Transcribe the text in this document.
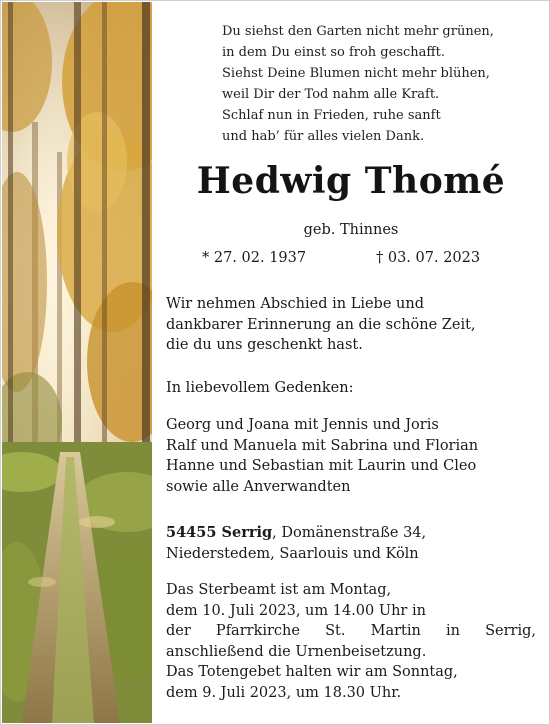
Du siehst den Garten nicht mehr grünen,
in dem Du einst so froh geschafft.
Siehst Deine Blumen nicht mehr blühen,
weil Dir der Tod nahm alle Kraft.
Schlaf nun in Frieden, ruhe sanft
und hab’ für alles vielen Dank.
Hedwig Thomé
geb. Thinnes
* 27. 02. 1937	† 03. 07. 2023
Wir nehmen Abschied in Liebe und
dankbarer Erinnerung an die schöne Zeit,
die du uns geschenkt hast.
In liebevollem Gedenken:
Georg und Joana mit Jennis und Joris
Ralf und Manuela mit Sabrina und Florian
Hanne und Sebastian mit Laurin und Cleo
sowie alle Anverwandten
54455 Serrig, Domänenstraße 34,
Niederstedem, Saarlouis und Köln
Das Sterbeamt ist am Montag,
dem 10. Juli 2023, um 14.00 Uhr in
der Pfarrkirche St. Martin in Serrig,
anschließend die Urnenbeisetzung.
Das Totengebet halten wir am Sonntag,
dem 9. Juli 2023, um 18.30 Uhr.
